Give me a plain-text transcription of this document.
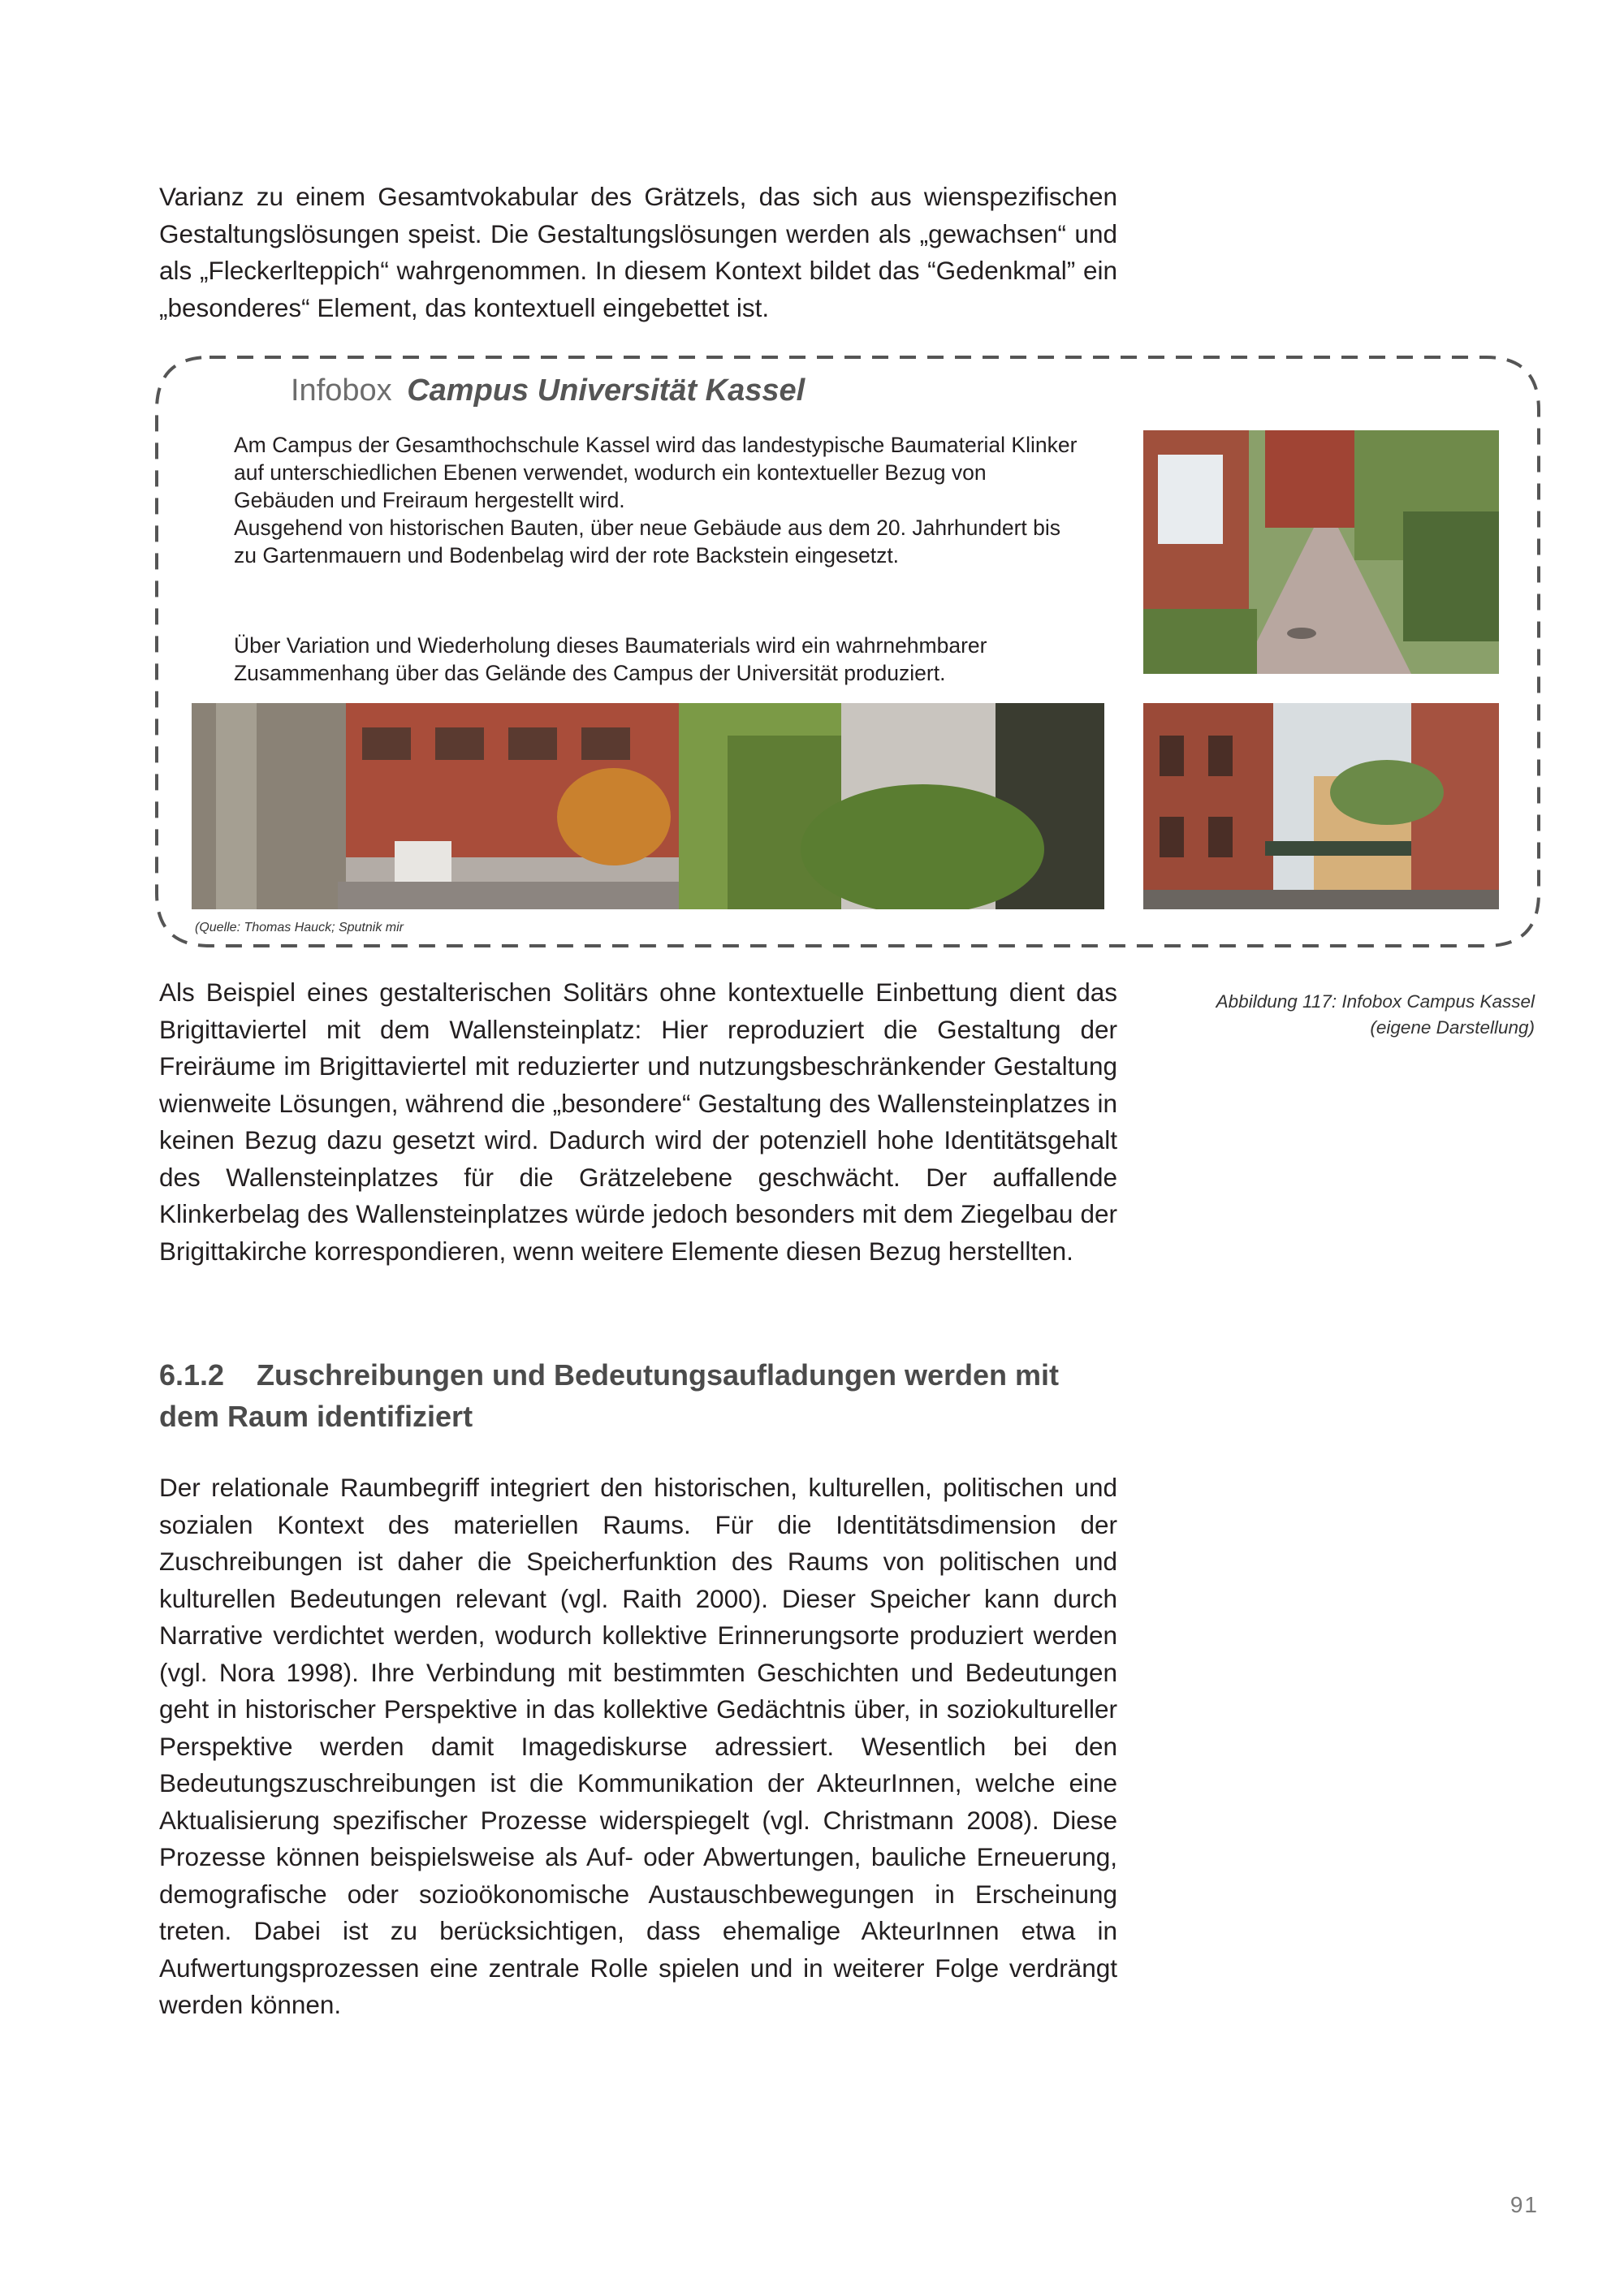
Varianz zu einem Gesamtvokabular des Grätzels, das sich aus wienspezifischen Gestaltungslösungen speist. Die Gestaltungslösungen werden als „gewachsen“ und als „Fleckerlteppich“ wahrgenommen. In diesem Kontext bildet das “Gedenkmal” ein „besonderes“ Element, das kontextuell eingebettet ist.

Infobox Campus Universität Kassel

Am Campus der Gesamthochschule Kassel wird das landestypische Baumaterial Klinker auf unterschiedlichen Ebenen verwendet, wodurch ein kontextueller Bezug von Gebäuden und Freiraum hergestellt wird.
Ausgehend von historischen Bauten, über neue Gebäude aus dem 20. Jahrhundert bis zu Gartenmauern und Bodenbelag wird der rote Backstein eingesetzt.

Über Variation und Wiederholung dieses Baumaterials wird ein wahrnehmbarer Zusammenhang über das Gelände des Campus der Universität produziert.

(Quelle: Thomas Hauck; Sputnik mir

Abbildung 117: Infobox Campus Kassel
(eigene Darstellung)

Als Beispiel eines gestalterischen Solitärs ohne kontextuelle Einbettung dient das Brigittaviertel mit dem Wallensteinplatz: Hier reproduziert die Gestaltung der Freiräume im Brigittaviertel mit reduzierter und nutzungsbeschränkender Gestaltung wienweite Lösungen, während die „besondere“ Gestaltung des Wallensteinplatzes in keinen Bezug dazu gesetzt wird. Dadurch wird der potenziell hohe Identitätsgehalt des Wallensteinplatzes für die Grätzelebene geschwächt. Der auffallende Klinkerbelag des Wallensteinplatzes würde jedoch besonders mit dem Ziegelbau der Brigittakirche korrespondieren, wenn weitere Elemente diesen Bezug herstellten.

6.1.2 Zuschreibungen und Bedeutungsaufladungen werden mit dem Raum identifiziert

Der relationale Raumbegriff integriert den historischen, kulturellen, politischen und sozialen Kontext des materiellen Raums. Für die Identitätsdimension der Zuschreibungen ist daher die Speicherfunktion des Raums von politischen und kulturellen Bedeutungen relevant (vgl. Raith 2000). Dieser Speicher kann durch Narrative verdichtet werden, wodurch kollektive Erinnerungsorte produziert werden (vgl. Nora 1998). Ihre Verbindung mit bestimmten Geschichten und Bedeutungen geht in historischer Perspektive in das kollektive Gedächtnis über, in soziokultureller Perspektive werden damit Imagediskurse adressiert. Wesentlich bei den Bedeutungszuschreibungen ist die Kommunikation der AkteurInnen, welche eine Aktualisierung spezifischer Prozesse widerspiegelt (vgl. Christmann 2008). Diese Prozesse können beispielsweise als Auf- oder Abwertungen, bauliche Erneuerung, demografische oder sozioökonomische Austauschbewegungen in Erscheinung treten. Dabei ist zu berücksichtigen, dass ehemalige AkteurInnen etwa in Aufwertungsprozessen eine zentrale Rolle spielen und in weiterer Folge verdrängt werden können.

91
